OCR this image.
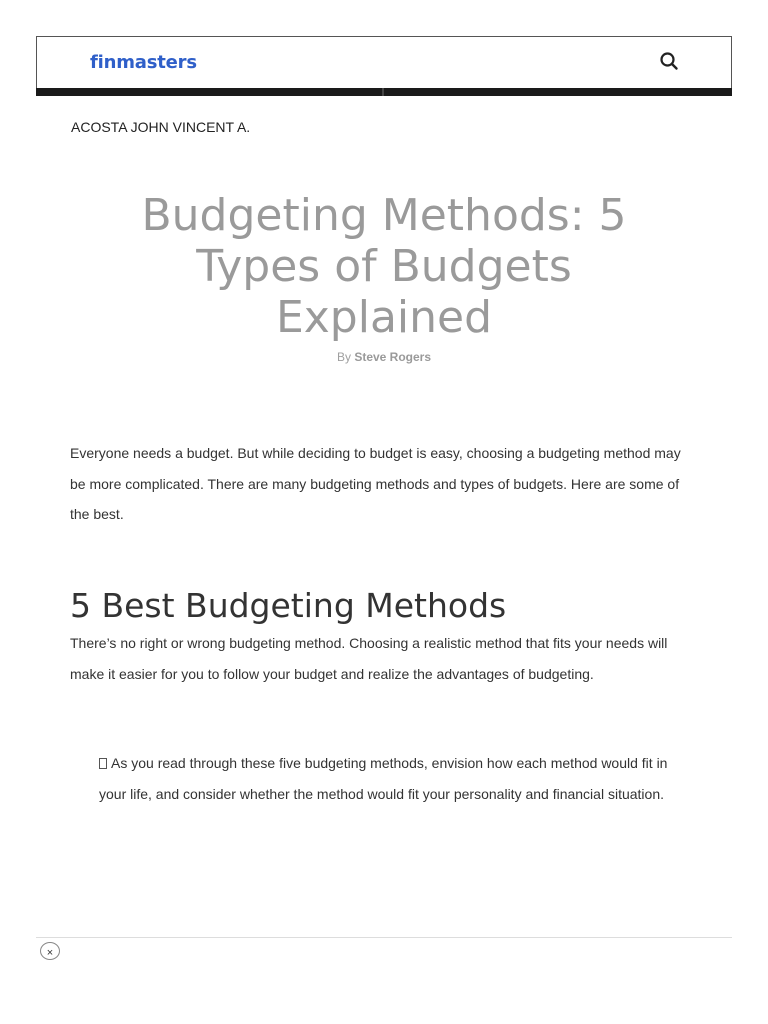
finmasters
ACOSTA JOHN VINCENT A.
Budgeting Methods: 5 Types of Budgets Explained
By Steve Rogers

Everyone needs a budget. But while deciding to budget is easy, choosing a budgeting method may be more complicated. There are many budgeting methods and types of budgets. Here are some of the best.

5 Best Budgeting Methods

There’s no right or wrong budgeting method. Choosing a realistic method that fits your needs will make it easier for you to follow your budget and realize the advantages of budgeting.

As you read through these five budgeting methods, envision how each method would fit in your life, and consider whether the method would fit your personality and financial situation.

×
